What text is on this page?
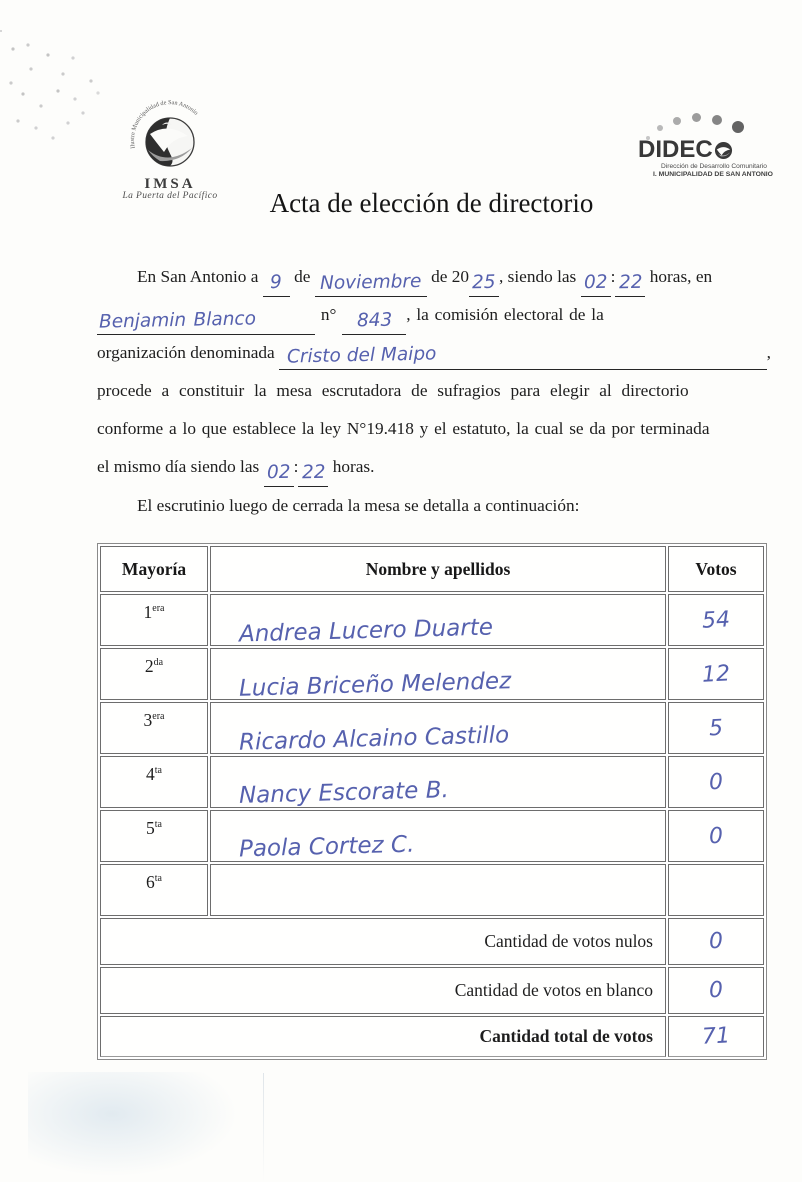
Ilustre Municipalidad de San Antonio
IMSA
La Puerta del Pacífico
DIDEC
Dirección de Desarrollo Comunitario
I. MUNICIPALIDAD DE SAN ANTONIO
Acta de elección de directorio
En San Antonio a 9 de Noviembre de 20 25 , siendo las 02 : 22 horas, en
Benjamin Blanco	n° 843 , la comisión electoral de la
organización denominada
Cristo del Maipo	,
procede a constituir la mesa escrutadora de sufragios para elegir al directorio
conforme a lo que establece la ley N°19.418 y el estatuto, la cual se da por terminada
el mismo día siendo las 02 : 22 horas.
El escrutinio luego de cerrada la mesa se detalla a continuación:
Mayoría	Nombre y apellidos	Votos
$1^{era}$	Andrea Lucero Duarte	54
$2^{da}$	Lucia Briceño Melendez	12
$3^{era}$	Ricardo Alcaino Castillo	5
$4^{ta}$	Nancy Escorate B.	0
$5^{ta}$	Paola Cortez C.	0
$6^{ta}$		
Cantidad de votos nulos		0
Cantidad de votos en blanco		0
Cantidad total de votos		71
